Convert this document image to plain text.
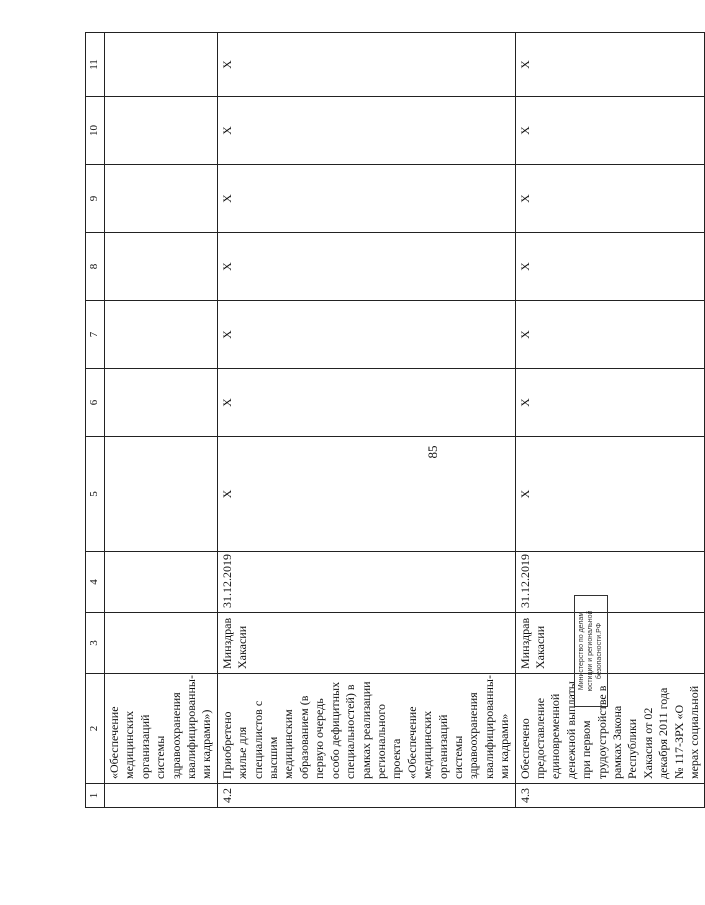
85
1	2	3	4	5	6	7	8	9	10	11
	«Обеспечение медицинских организаций системы здравоохранения квалифицированны-ми кадрами»)									
4.2	Приобретено жилье для специалистов с высшим медицинским образованием (в первую очередь особо дефицитных специальностей) в рамках реализации регионального проекта «Обеспечение медицинских организаций системы здравоохранения квалифицированны-ми кадрами»	Минздрав Хакасии	31.12.2019	X	X	X	X	X	X	X
4.3	Обеспечено предоставление единовременной денежной выплаты при первом трудоустройстве в рамках Закона Республики Хакасия от 02 декабря 2011 года № 117-ЗРХ «О мерах социальной	Минздрав Хакасии	31.12.2019	X	X	X	X	X	X	X
Министерство по делам юстиции и региональной безопасности.РФ
